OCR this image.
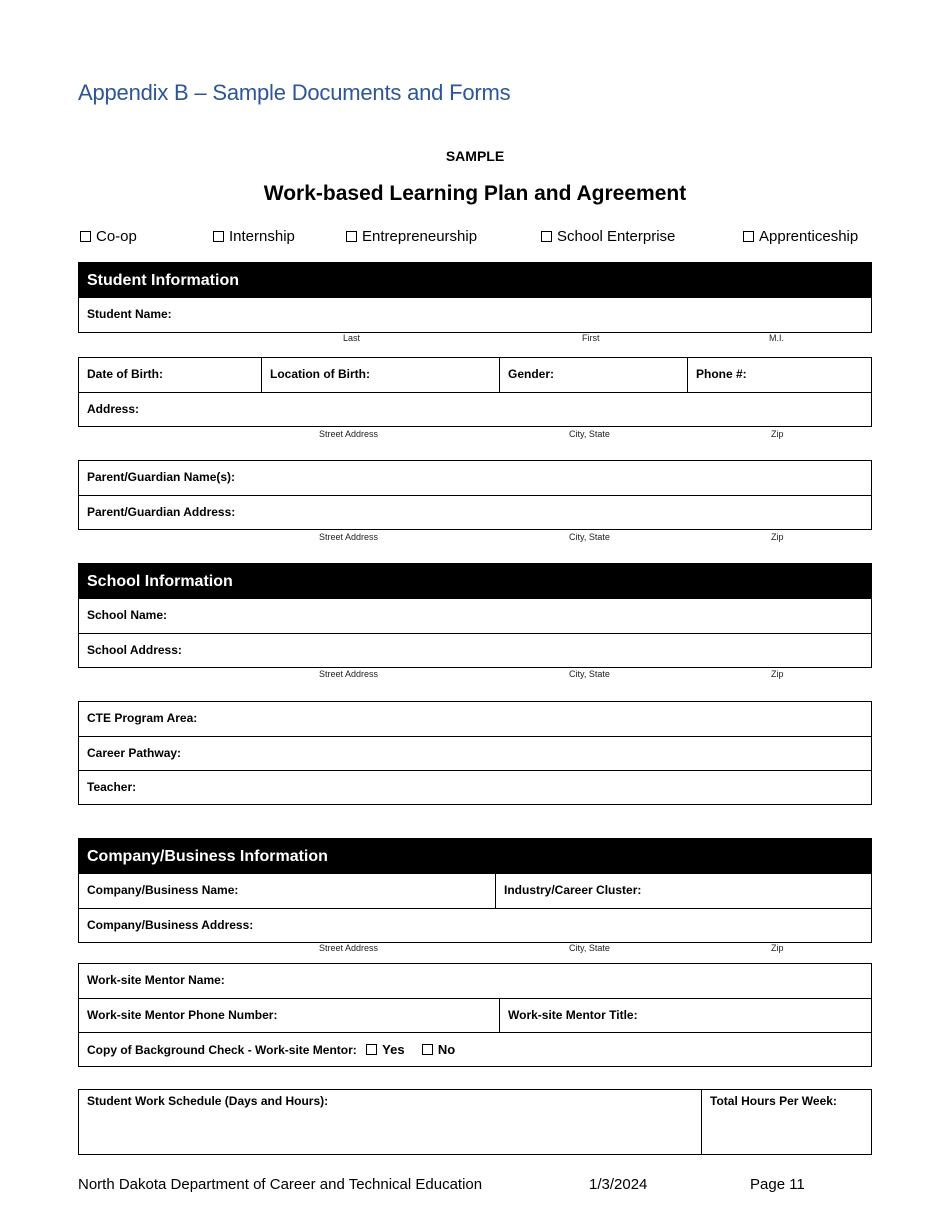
Appendix B – Sample Documents and Forms
SAMPLE
Work-based Learning Plan and Agreement
Co-op	Internship	Entrepreneurship	School Enterprise	Apprenticeship
Student Information
Student Name:
Last	First	M.I.
Date of Birth:	Location of Birth:	Gender:	Phone #:
Address:
Street Address	City, State	Zip
Parent/Guardian Name(s):
Parent/Guardian Address:
Street Address	City, State	Zip
School Information
School Name:
School Address:
Street Address	City, State	Zip
CTE Program Area:
Career Pathway:
Teacher:
Company/Business Information
Company/Business Name:	Industry/Career Cluster:
Company/Business Address:
Street Address	City, State	Zip
Work-site Mentor Name:
Work-site Mentor Phone Number:	Work-site Mentor Title:
Copy of Background Check - Work-site Mentor: Yes	No
Student Work Schedule (Days and Hours):	Total Hours Per Week:
North Dakota Department of Career and Technical Education	1/3/2024	Page 11
